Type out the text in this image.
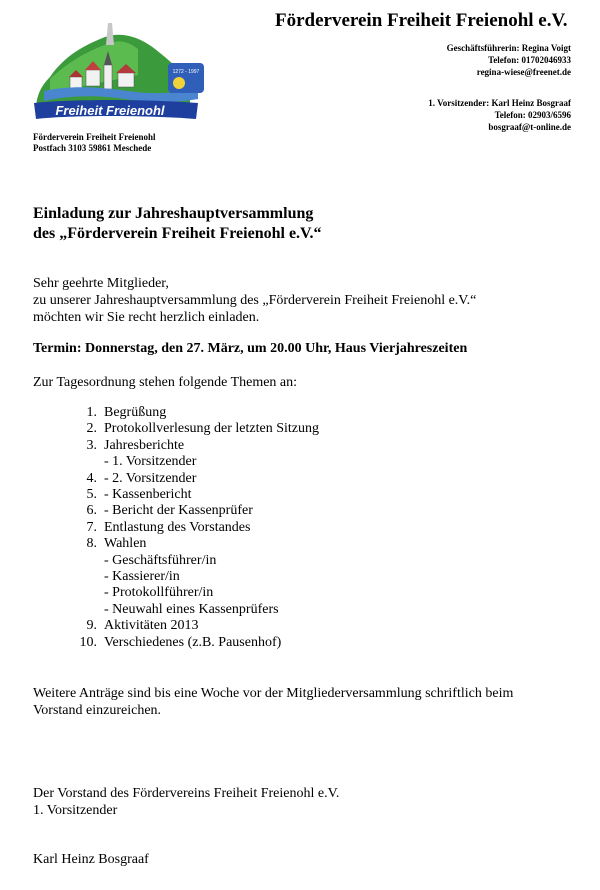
Förderverein Freiheit Freienohl e.V.
Geschäftsführerin: Regina Voigt
Telefon: 01702046933
regina-wiese@freenet.de
1. Vorsitzender: Karl Heinz Bosgraaf
Telefon: 02903/6596
bosgraaf@t-online.de
1272 - 1997
Freiheit Freienohl
Förderverein Freiheit Freienohl
Postfach 3103 59861 Meschede
Einladung zur Jahreshauptversammlung
des „Förderverein Freiheit Freienohl e.V.“
Sehr geehrte Mitglieder,
zu unserer Jahreshauptversammlung des „Förderverein Freiheit Freienohl e.V.“
möchten wir Sie recht herzlich einladen.
Termin: Donnerstag, den 27. März, um 20.00 Uhr, Haus Vierjahreszeiten
Zur Tagesordnung stehen folgende Themen an:
1. Begrüßung
2. Protokollverlesung der letzten Sitzung
3. Jahresberichte
- 1. Vorsitzender
4. - 2. Vorsitzender
5. - Kassenbericht
6. - Bericht der Kassenprüfer
7. Entlastung des Vorstandes
8. Wahlen
- Geschäftsführer/in
- Kassierer/in
- Protokollführer/in
- Neuwahl eines Kassenprüfers
9. Aktivitäten 2013
10. Verschiedenes (z.B. Pausenhof)
Weitere Anträge sind bis eine Woche vor der Mitgliederversammlung schriftlich beim
Vorstand einzureichen.
Der Vorstand des Fördervereins Freiheit Freienohl e.V.
1. Vorsitzender
Karl Heinz Bosgraaf
